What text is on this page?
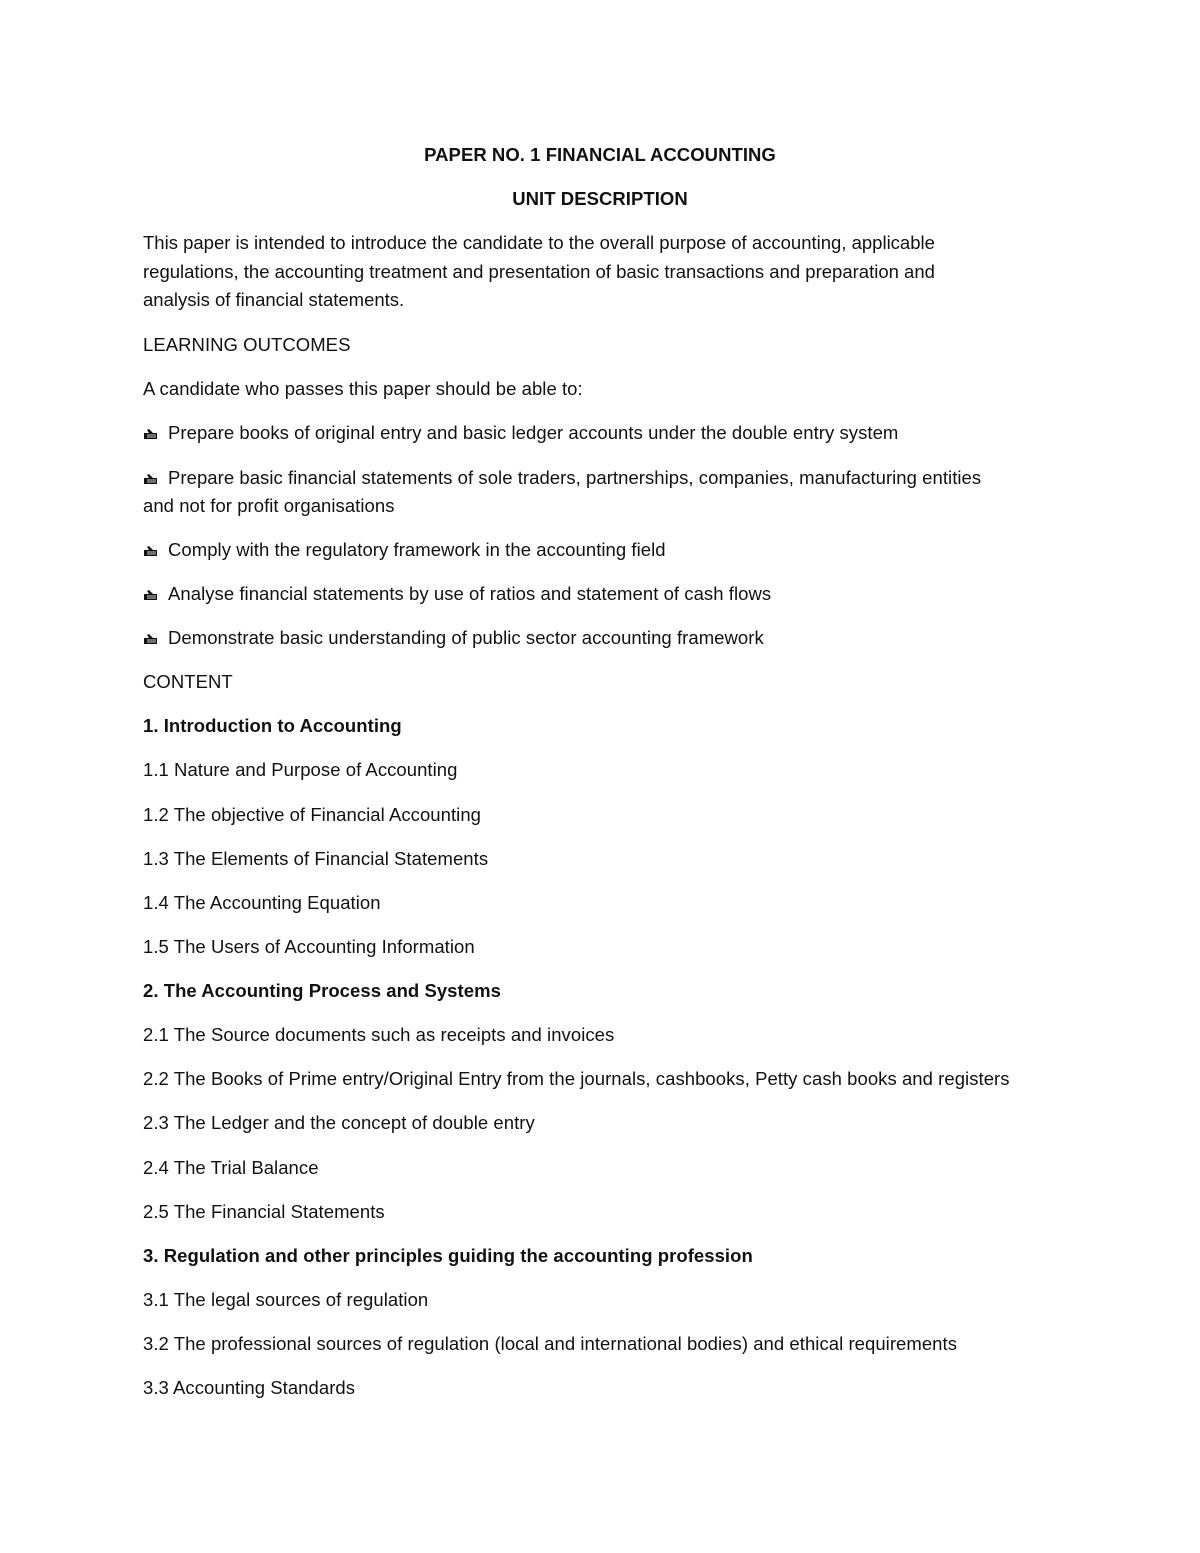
PAPER NO. 1 FINANCIAL ACCOUNTING
UNIT DESCRIPTION
This paper is intended to introduce the candidate to the overall purpose of accounting, applicable
regulations, the accounting treatment and presentation of basic transactions and preparation and
analysis of financial statements.
LEARNING OUTCOMES
A candidate who passes this paper should be able to:
Prepare books of original entry and basic ledger accounts under the double entry system
Prepare basic financial statements of sole traders, partnerships, companies, manufacturing entities
and not for profit organisations
Comply with the regulatory framework in the accounting field
Analyse financial statements by use of ratios and statement of cash flows
Demonstrate basic understanding of public sector accounting framework
CONTENT
1. Introduction to Accounting
1.1 Nature and Purpose of Accounting
1.2 The objective of Financial Accounting
1.3 The Elements of Financial Statements
1.4 The Accounting Equation
1.5 The Users of Accounting Information
2. The Accounting Process and Systems
2.1 The Source documents such as receipts and invoices
2.2 The Books of Prime entry/Original Entry from the journals, cashbooks, Petty cash books and registers
2.3 The Ledger and the concept of double entry
2.4 The Trial Balance
2.5 The Financial Statements
3. Regulation and other principles guiding the accounting profession
3.1 The legal sources of regulation
3.2 The professional sources of regulation (local and international bodies) and ethical requirements
3.3 Accounting Standards
